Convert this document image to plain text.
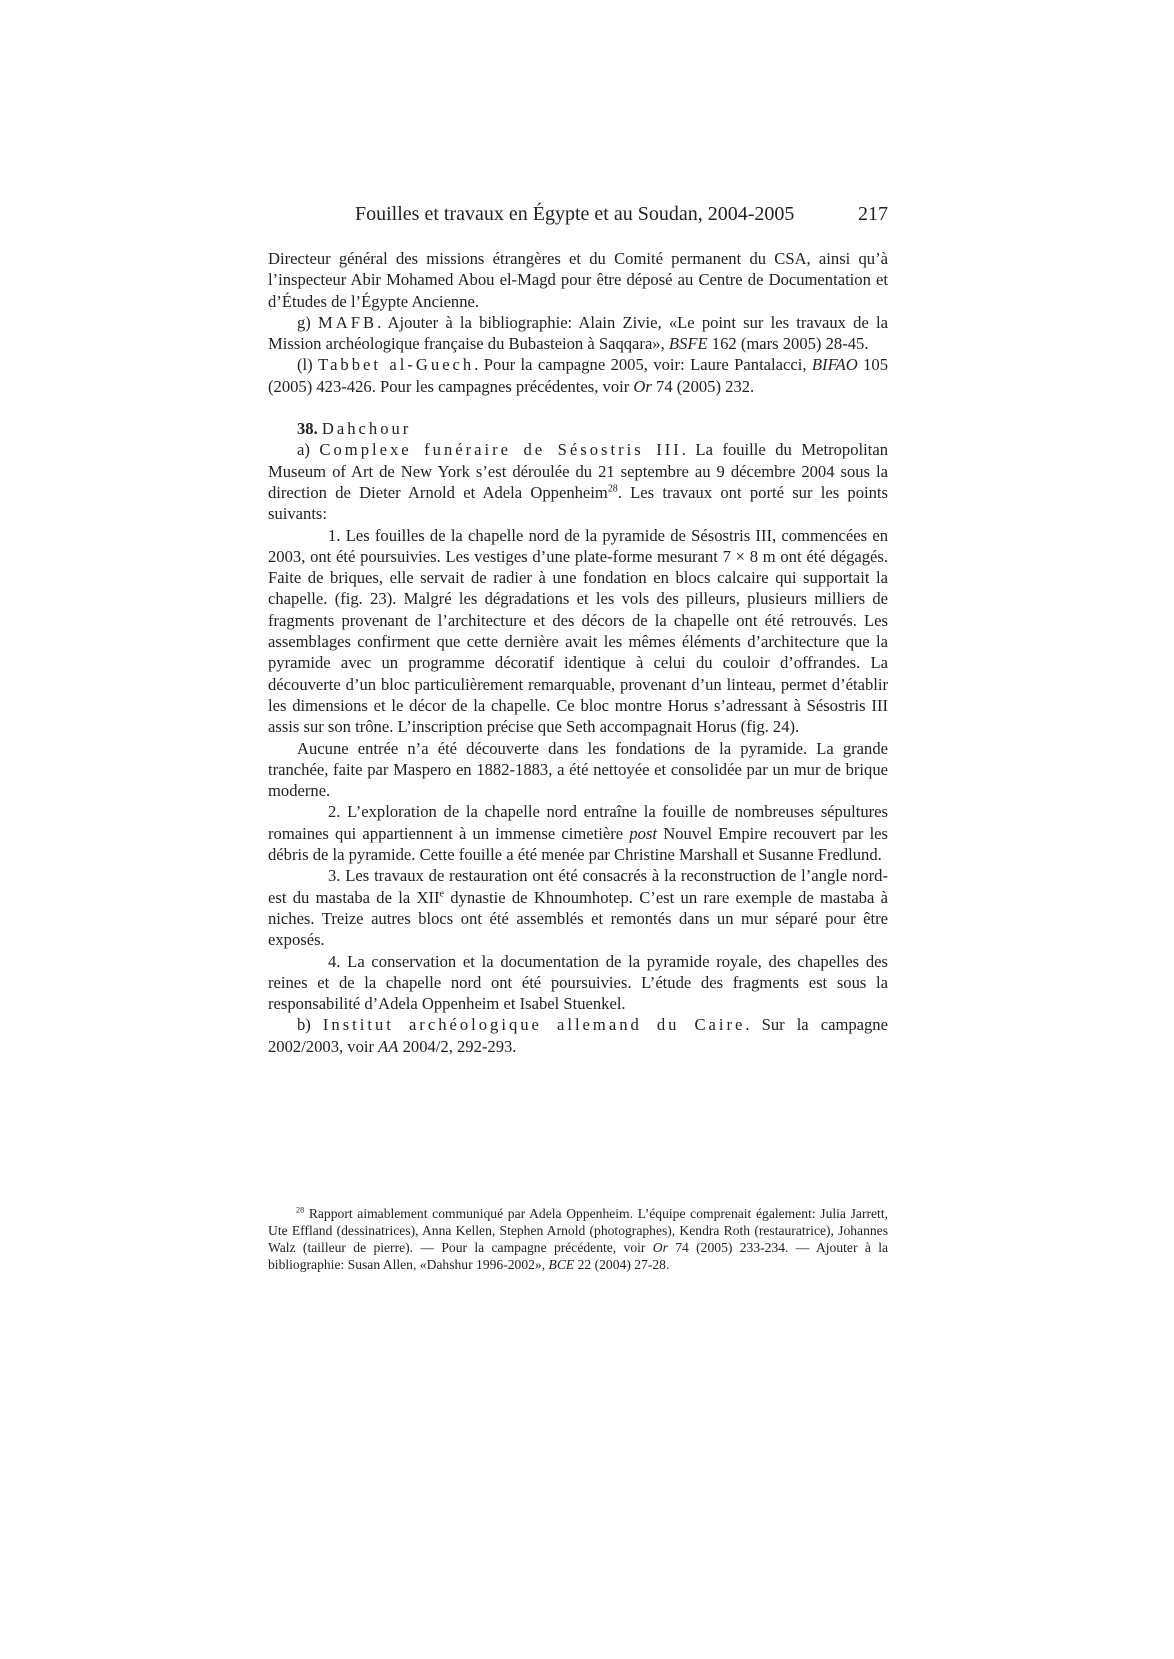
Fouilles et travaux en Égypte et au Soudan, 2004-2005	217

Directeur général des missions étrangères et du Comité permanent du CSA, ainsi qu’à l’inspecteur Abir Mohamed Abou el-Magd pour être déposé au Centre de Documentation et d’Études de l’Égypte Ancienne.

g) MAFB. Ajouter à la bibliographie: Alain Zivie, «Le point sur les travaux de la Mission archéologique française du Bubasteion à Saqqara», BSFE 162 (mars 2005) 28-45.

(l) Tabbet al-Guech. Pour la campagne 2005, voir: Laure Pantalacci, BIFAO 105 (2005) 423-426. Pour les campagnes précédentes, voir Or 74 (2005) 232.

38. Dahchour

a) Complexe funéraire de Sésostris III. La fouille du Metropolitan Museum of Art de New York s’est déroulée du 21 septembre au 9 décembre 2004 sous la direction de Dieter Arnold et Adela Oppenheim$^{28}$. Les travaux ont porté sur les points suivants:

1. Les fouilles de la chapelle nord de la pyramide de Sésostris III, commencées en 2003, ont été poursuivies. Les vestiges d’une plate-forme mesurant 7 × 8 m ont été dégagés. Faite de briques, elle servait de radier à une fondation en blocs calcaire qui supportait la chapelle. (fig. 23). Malgré les dégradations et les vols des pilleurs, plusieurs milliers de fragments provenant de l’architecture et des décors de la chapelle ont été retrouvés. Les assemblages confirment que cette dernière avait les mêmes éléments d’architecture que la pyramide avec un programme décoratif identique à celui du couloir d’offrandes. La découverte d’un bloc particulièrement remarquable, provenant d’un linteau, permet d’établir les dimensions et le décor de la chapelle. Ce bloc montre Horus s’adressant à Sésostris III assis sur son trône. L’inscription précise que Seth accompagnait Horus (fig. 24).

Aucune entrée n’a été découverte dans les fondations de la pyramide. La grande tranchée, faite par Maspero en 1882-1883, a été nettoyée et consolidée par un mur de brique moderne.

2. L’exploration de la chapelle nord entraîne la fouille de nombreuses sépultures romaines qui appartiennent à un immense cimetière post Nouvel Empire recouvert par les débris de la pyramide. Cette fouille a été menée par Christine Marshall et Susanne Fredlund.

3. Les travaux de restauration ont été consacrés à la reconstruction de l’angle nord-est du mastaba de la XIIe dynastie de Khnoumhotep. C’est un rare exemple de mastaba à niches. Treize autres blocs ont été assemblés et remontés dans un mur séparé pour être exposés.

4. La conservation et la documentation de la pyramide royale, des chapelles des reines et de la chapelle nord ont été poursuivies. L’étude des fragments est sous la responsabilité d’Adela Oppenheim et Isabel Stuenkel.

b) Institut archéologique allemand du Caire. Sur la campagne 2002/2003, voir AA 2004/2, 292-293.

$^{28}$ Rapport aimablement communiqué par Adela Oppenheim. L’équipe comprenait également: Julia Jarrett, Ute Effland (dessinatrices), Anna Kellen, Stephen Arnold (photographes), Kendra Roth (restauratrice), Johannes Walz (tailleur de pierre). — Pour la campagne précédente, voir Or 74 (2005) 233-234. — Ajouter à la bibliographie: Susan Allen, «Dahshur 1996-2002», BCE 22 (2004) 27-28.
